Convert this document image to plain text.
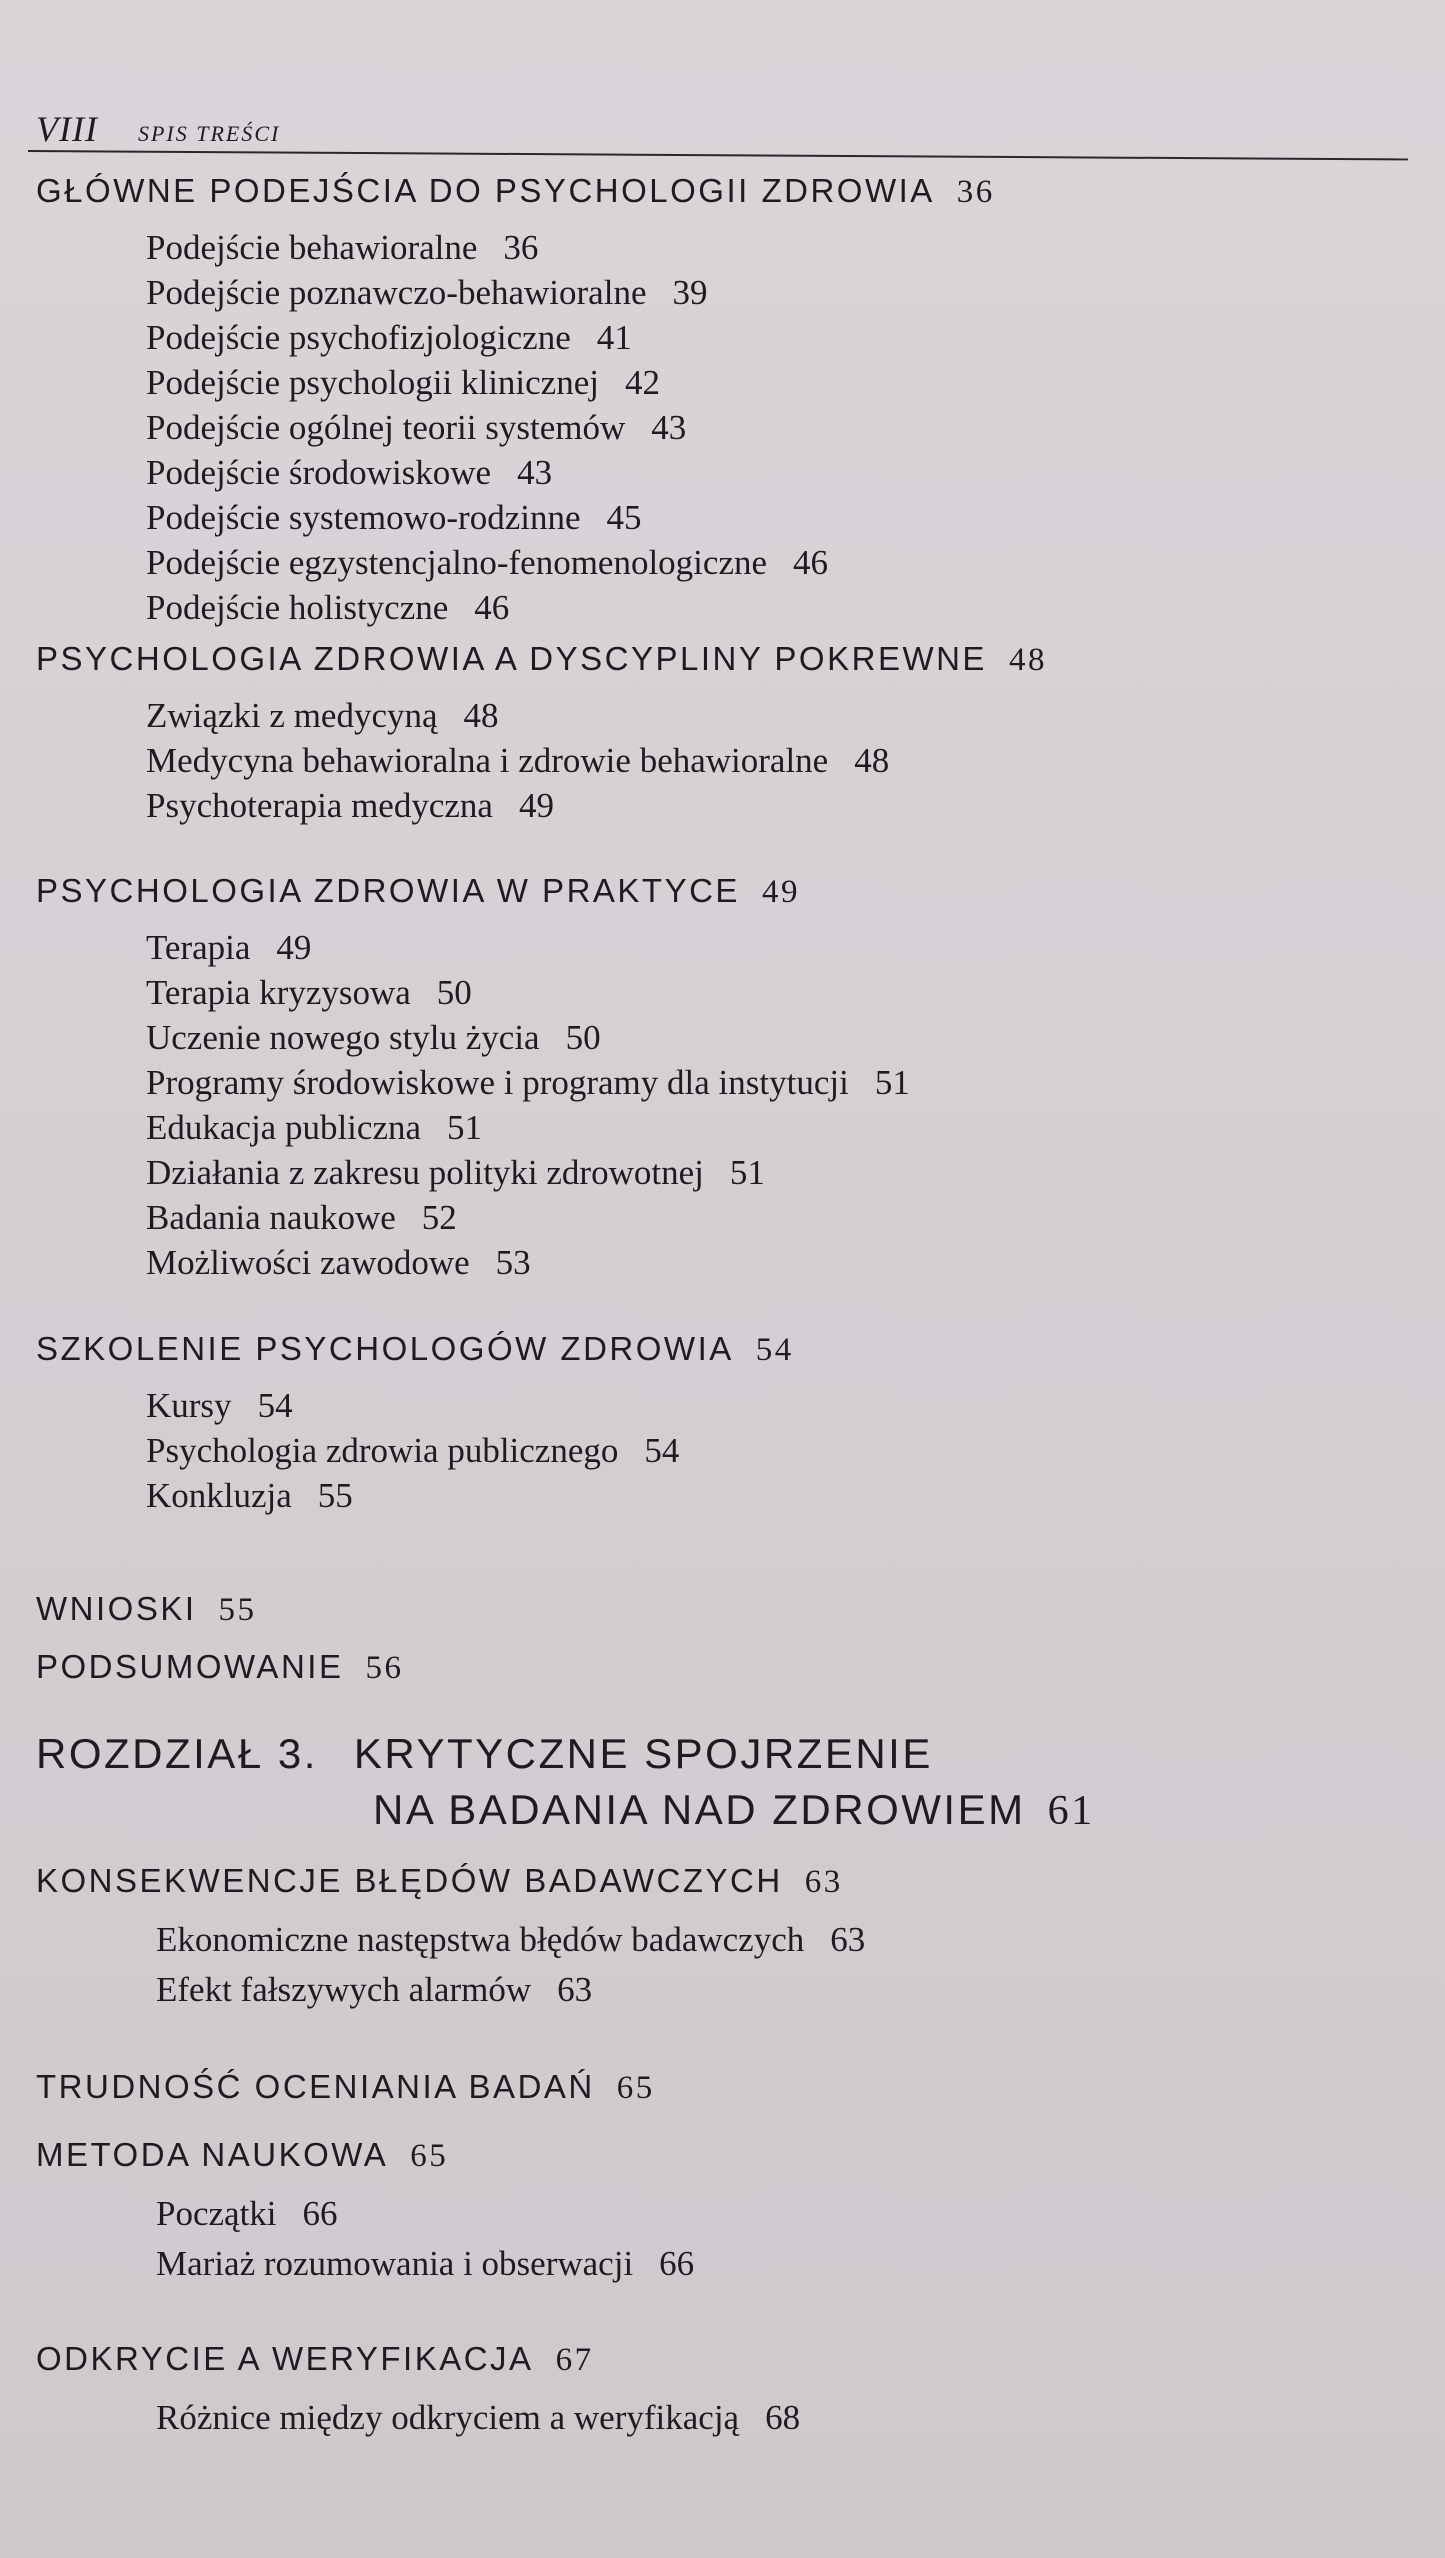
VIII SPIS TREŚCI
GŁÓWNE PODEJŚCIA DO PSYCHOLOGII ZDROWIA 36
Podejście behawioralne 36
Podejście poznawczo-behawioralne 39
Podejście psychofizjologiczne 41
Podejście psychologii klinicznej 42
Podejście ogólnej teorii systemów 43
Podejście środowiskowe 43
Podejście systemowo-rodzinne 45
Podejście egzystencjalno-fenomenologiczne 46
Podejście holistyczne 46
PSYCHOLOGIA ZDROWIA A DYSCYPLINY POKREWNE 48
Związki z medycyną 48
Medycyna behawioralna i zdrowie behawioralne 48
Psychoterapia medyczna 49
PSYCHOLOGIA ZDROWIA W PRAKTYCE 49
Terapia 49
Terapia kryzysowa 50
Uczenie nowego stylu życia 50
Programy środowiskowe i programy dla instytucji 51
Edukacja publiczna 51
Działania z zakresu polityki zdrowotnej 51
Badania naukowe 52
Możliwości zawodowe 53
SZKOLENIE PSYCHOLOGÓW ZDROWIA 54
Kursy 54
Psychologia zdrowia publicznego 54
Konkluzja 55
WNIOSKI 55
PODSUMOWANIE 56
ROZDZIAŁ 3. KRYTYCZNE SPOJRZENIE
NA BADANIA NAD ZDROWIEM 61
KONSEKWENCJE BŁĘDÓW BADAWCZYCH 63
Ekonomiczne następstwa błędów badawczych 63
Efekt fałszywych alarmów 63
TRUDNOŚĆ OCENIANIA BADAŃ 65
METODA NAUKOWA 65
Początki 66
Mariaż rozumowania i obserwacji 66
ODKRYCIE A WERYFIKACJA 67
Różnice między odkryciem a weryfikacją 68
